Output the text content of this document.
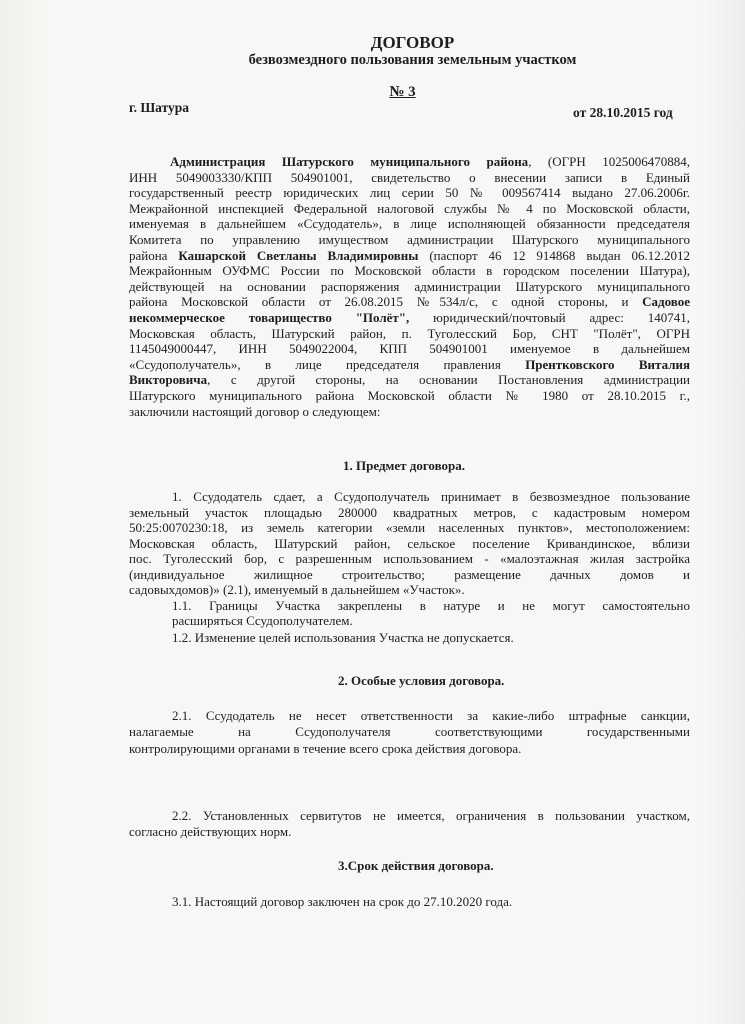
ДОГОВОР
безвозмездного пользования земельным участком
№ 3
г. Шатура	от 28.10.2015 год
Администрация Шатурского муниципального района, (ОГРН 1025006470884,
ИНН 5049003330/КПП 504901001, свидетельство о внесении записи в Единый
государственный реестр юридических лиц серии 50 № 009567414 выдано 27.06.2006г.
Межрайонной инспекцией Федеральной налоговой службы № 4 по Московской области,
именуемая в дальнейшем «Ссудодатель», в лице исполняющей обязанности председателя
Комитета по управлению имуществом администрации Шатурского муниципального
района Кашарской Светланы Владимировны (паспорт 46 12 914868 выдан 06.12.2012
Межрайонным ОУФМС России по Московской области в городском поселении Шатура),
действующей на основании распоряжения администрации Шатурского муниципального
района Московской области от 26.08.2015 №534л/с, с одной стороны, и Садовое
некоммерческое товарищество "Полёт", юридический/почтовый адрес: 140741,
Московская область, Шатурский район, п. Туголесский Бор, СНТ "Полёт", ОГРН
1145049000447, ИНН 5049022004, КПП 504901001 именуемое в дальнейшем
«Ссудополучатель», в лице председателя правления Прентковского Виталия
Викторовича, с другой стороны, на основании Постановления администрации
Шатурского муниципального района Московской области № 1980 от 28.10.2015 г.,
заключили настоящий договор о следующем:
1. Предмет договора.
1. Ссудодатель сдает, а Ссудополучатель принимает в безвозмездное пользование
земельный участок площадью 280000 квадратных метров, с кадастровым номером
50:25:0070230:18, из земель категории «земли населенных пунктов», местоположением:
Московская область, Шатурский район, сельское поселение Кривандинское, вблизи
пос. Туголесский бор, с разрешенным использованием - «малоэтажная жилая застройка
(индивидуальное жилищное строительство; размещение дачных домов и
садовыхдомов)» (2.1), именуемый в дальнейшем «Участок».
1.1. Границы Участка закреплены в натуре и не могут самостоятельно
расширяться Ссудополучателем.
1.2. Изменение целей использования Участка не допускается.
2. Особые условия договора.
2.1. Ссудодатель не несет ответственности за какие-либо штрафные санкции,
налагаемые на Ссудополучателя соответствующими государственными
контролирующими органами в течение всего срока действия договора.
2.2. Установленных сервитутов не имеется, ограничения в пользовании участком,
согласно действующих норм.
3.Срок действия договора.
3.1. Настоящий договор заключен на срок до 27.10.2020 года.
